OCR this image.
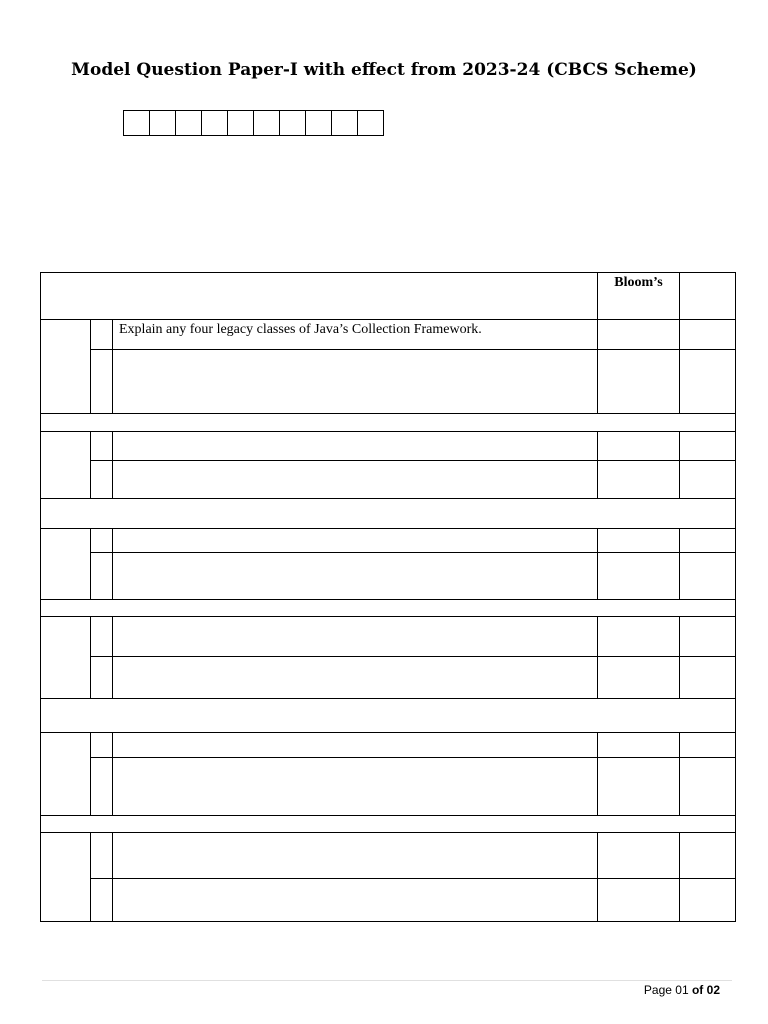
Model Question Paper-I with effect from 2023-24 (CBCS Scheme)
			Bloom’s	
		Explain any four legacy classes of Java’s Collection Framework.		

Page 01 of 02
